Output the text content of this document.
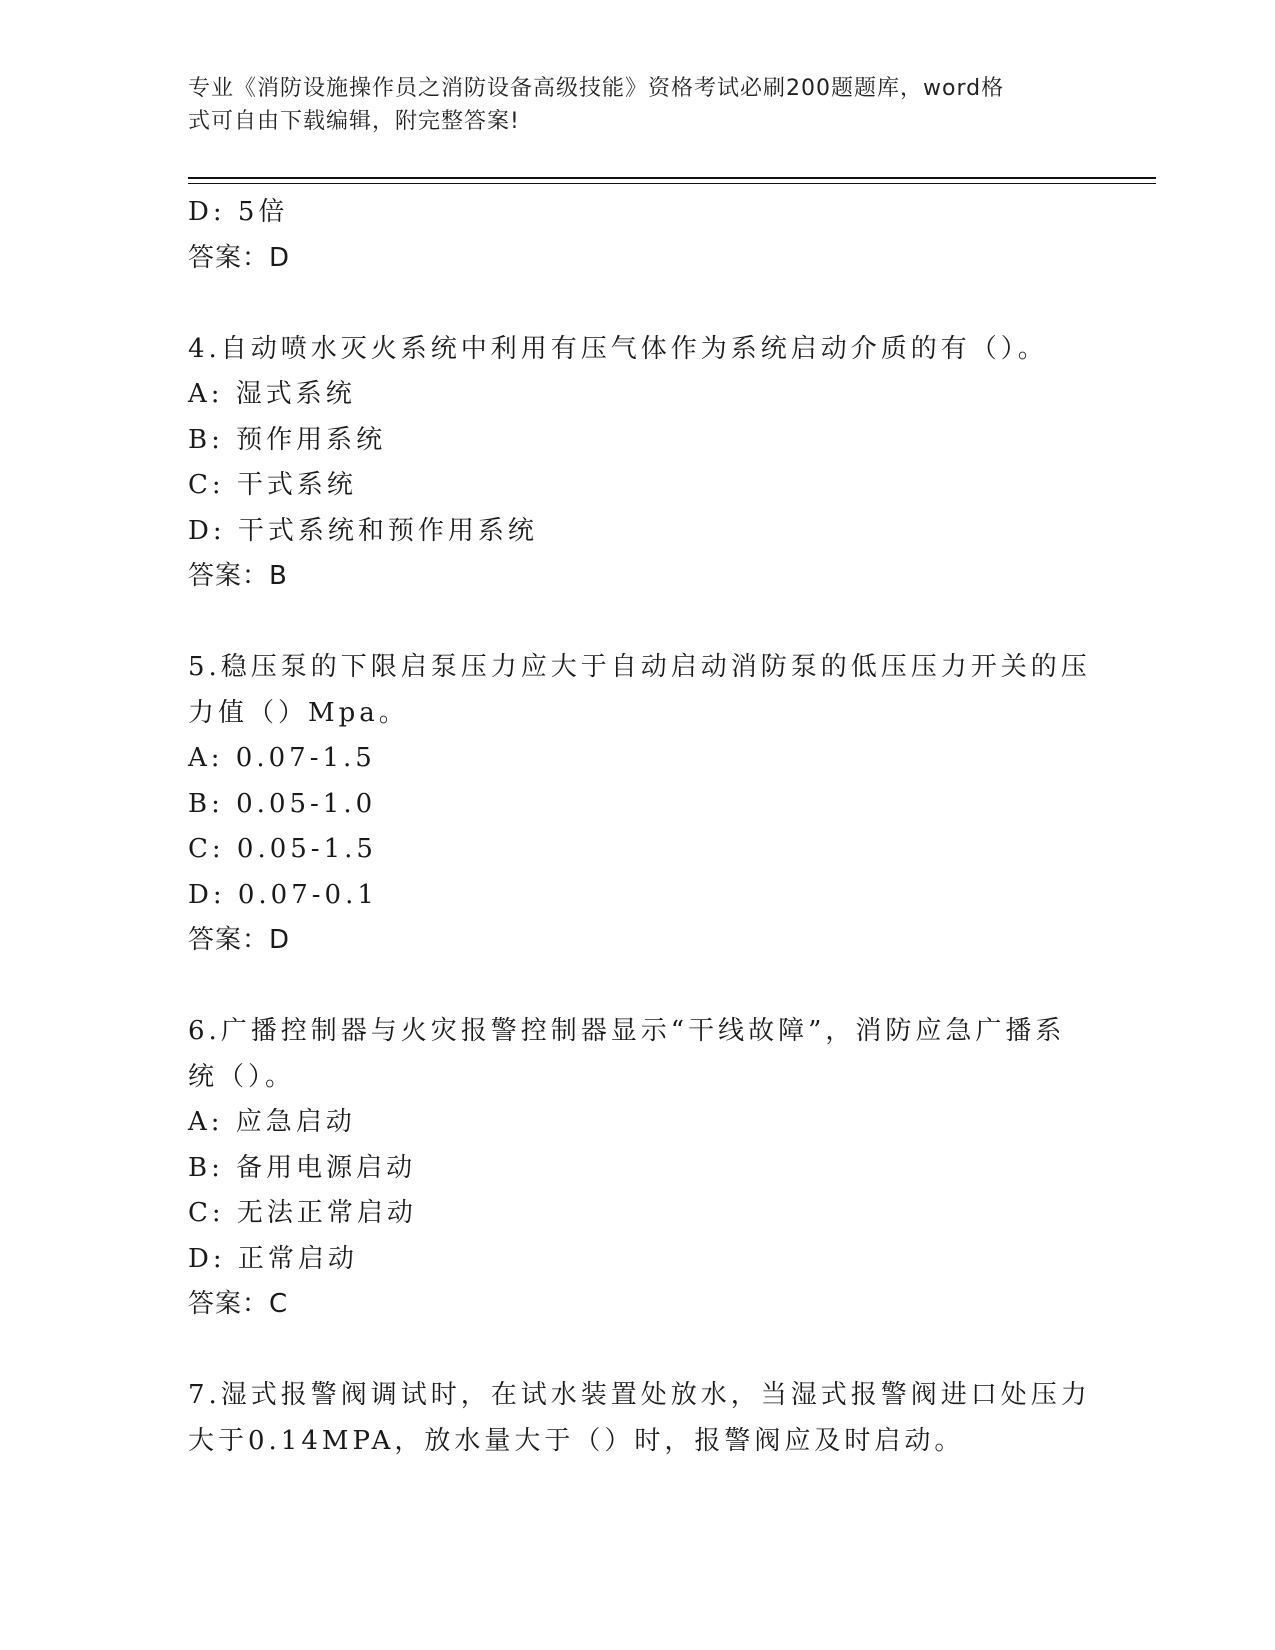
专业《消防设施操作员之消防设备高级技能》资格考试必刷200题题库，word格
式可自由下载编辑，附完整答案!
D: 5倍
答案：D
4.自动喷水灭火系统中利用有压气体作为系统启动介质的有（）。
A: 湿式系统
B: 预作用系统
C: 干式系统
D: 干式系统和预作用系统
答案：B
5.稳压泵的下限启泵压力应大于自动启动消防泵的低压压力开关的压
力值（）Mpa。
A: 0.07-1.5
B: 0.05-1.0
C: 0.05-1.5
D: 0.07-0.1
答案：D
6.广播控制器与火灾报警控制器显示“干线故障”，消防应急广播系
统（）。
A: 应急启动
B: 备用电源启动
C: 无法正常启动
D: 正常启动
答案：C
7.湿式报警阀调试时，在试水装置处放水，当湿式报警阀进口处压力
大于0.14MPA，放水量大于（）时，报警阀应及时启动。
